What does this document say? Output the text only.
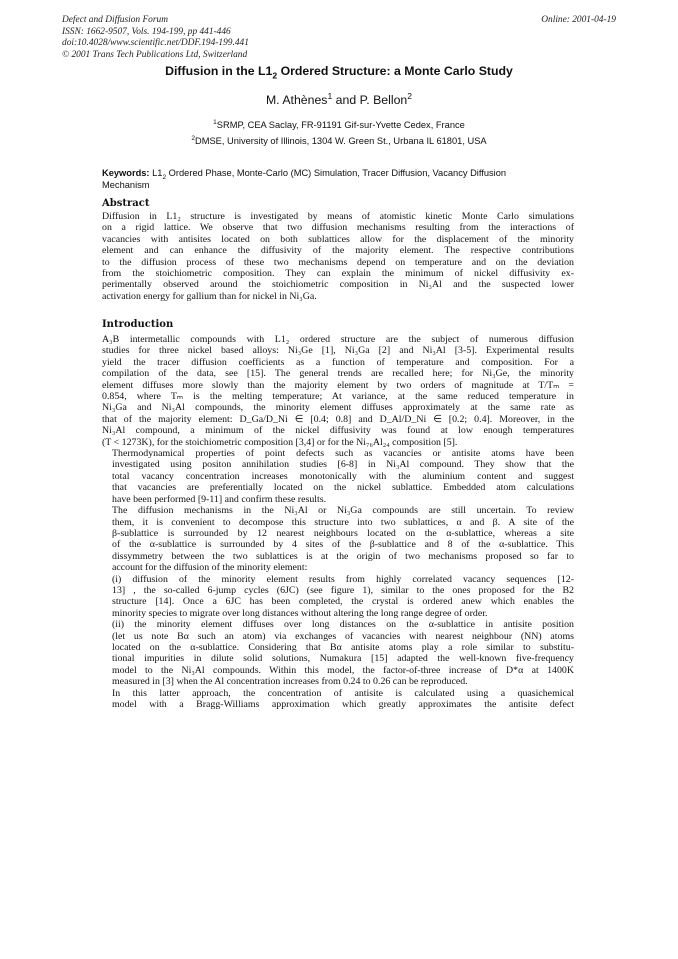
Defect and Diffusion Forum
ISSN: 1662-9507, Vols. 194-199, pp 441-446
doi:10.4028/www.scientific.net/DDF.194-199.441
© 2001 Trans Tech Publications Ltd, Switzerland
Online: 2001-04-19
Diffusion in the $L1_2$ Ordered Structure: a Monte Carlo Study
M. Athènes$^1$ and P. Bellon$^2$
$^1$SRMP, CEA Saclay, FR-91191 Gif-sur-Yvette Cedex, France
$^2$DMSE, University of Illinois, 1304 W. Green St., Urbana IL 61801, USA
Keywords: $L1_2$ Ordered Phase, Monte-Carlo (MC) Simulation, Tracer Diffusion, Vacancy Diffusion
Mechanism
Abstract

Diffusion in L1₂ structure is investigated by means of atomistic kinetic Monte Carlo simulations
on a rigid lattice. We observe that two diffusion mechanisms resulting from the interactions of
vacancies with antisites located on both sublattices allow for the displacement of the minority
element and can enhance the diffusivity of the majority element. The respective contributions
to the diffusion process of these two mechanisms depend on temperature and on the deviation
from the stoichiometric composition. They can explain the minimum of nickel diffusivity ex-
perimentally observed around the stoichiometric composition in Ni₃Al and the suspected lower
activation energy for gallium than for nickel in Ni₃Ga.

Introduction

A₃B intermetallic compounds with L1₂ ordered structure are the subject of numerous diffusion
studies for three nickel based alloys: Ni₃Ge [1], Ni₃Ga [2] and Ni₃Al [3-5]. Experimental results
yield the tracer diffusion coefficients as a function of temperature and composition. For a
compilation of the data, see [15]. The general trends are recalled here; for Ni₃Ge, the minority
element diffuses more slowly than the majority element by two orders of magnitude at T/Tₘ =
0.854, where Tₘ is the melting temperature; At variance, at the same reduced temperature in
Ni₃Ga and Ni₃Al compounds, the minority element diffuses approximately at the same rate as
that of the majority element: D_Ga/D_Ni ∈ [0.4; 0.8] and D_Al/D_Ni ∈ [0.2; 0.4]. Moreover, in the
Ni₃Al compound, a minimum of the nickel diffusivity was found at low enough temperatures
(T < 1273K), for the stoichiometric composition [3,4] or for the Ni₇₆Al₂₄ composition [5].

Thermodynamical properties of point defects such as vacancies or antisite atoms have been
investigated using positon annihilation studies [6-8] in Ni₃Al compound. They show that the
total vacancy concentration increases monotonically with the aluminium content and suggest
that vacancies are preferentially located on the nickel sublattice. Embedded atom calculations
have been performed [9-11] and confirm these results.

The diffusion mechanisms in the Ni₃Al or Ni₃Ga compounds are still uncertain. To review
them, it is convenient to decompose this structure into two sublattices, α and β. A site of the
β-sublattice is surrounded by 12 nearest neighbours located on the α-sublattice, whereas a site
of the α-sublattice is surrounded by 4 sites of the β-sublattice and 8 of the α-sublattice. This
dissymmetry between the two sublattices is at the origin of two mechanisms proposed so far to
account for the diffusion of the minority element:

(i) diffusion of the minority element results from highly correlated vacancy sequences [12-
13] , the so-called 6-jump cycles (6JC) (see figure 1), similar to the ones proposed for the B2
structure [14]. Once a 6JC has been completed, the crystal is ordered anew which enables the
minority species to migrate over long distances without altering the long range degree of order.

(ii) the minority element diffuses over long distances on the α-sublattice in antisite position
(let us note Bα such an atom) via exchanges of vacancies with nearest neighbour (NN) atoms
located on the α-sublattice. Considering that Bα antisite atoms play a role similar to substitu-
tional impurities in dilute solid solutions, Numakura [15] adapted the well-known five-frequency
model to the Ni₃Al compounds. Within this model, the factor-of-three increase of D*α at 1400K
measured in [3] when the Al concentration increases from 0.24 to 0.26 can be reproduced.

In this latter approach, the concentration of antisite is calculated using a quasichemical
model with a Bragg-Williams approximation which greatly approximates the antisite defect
